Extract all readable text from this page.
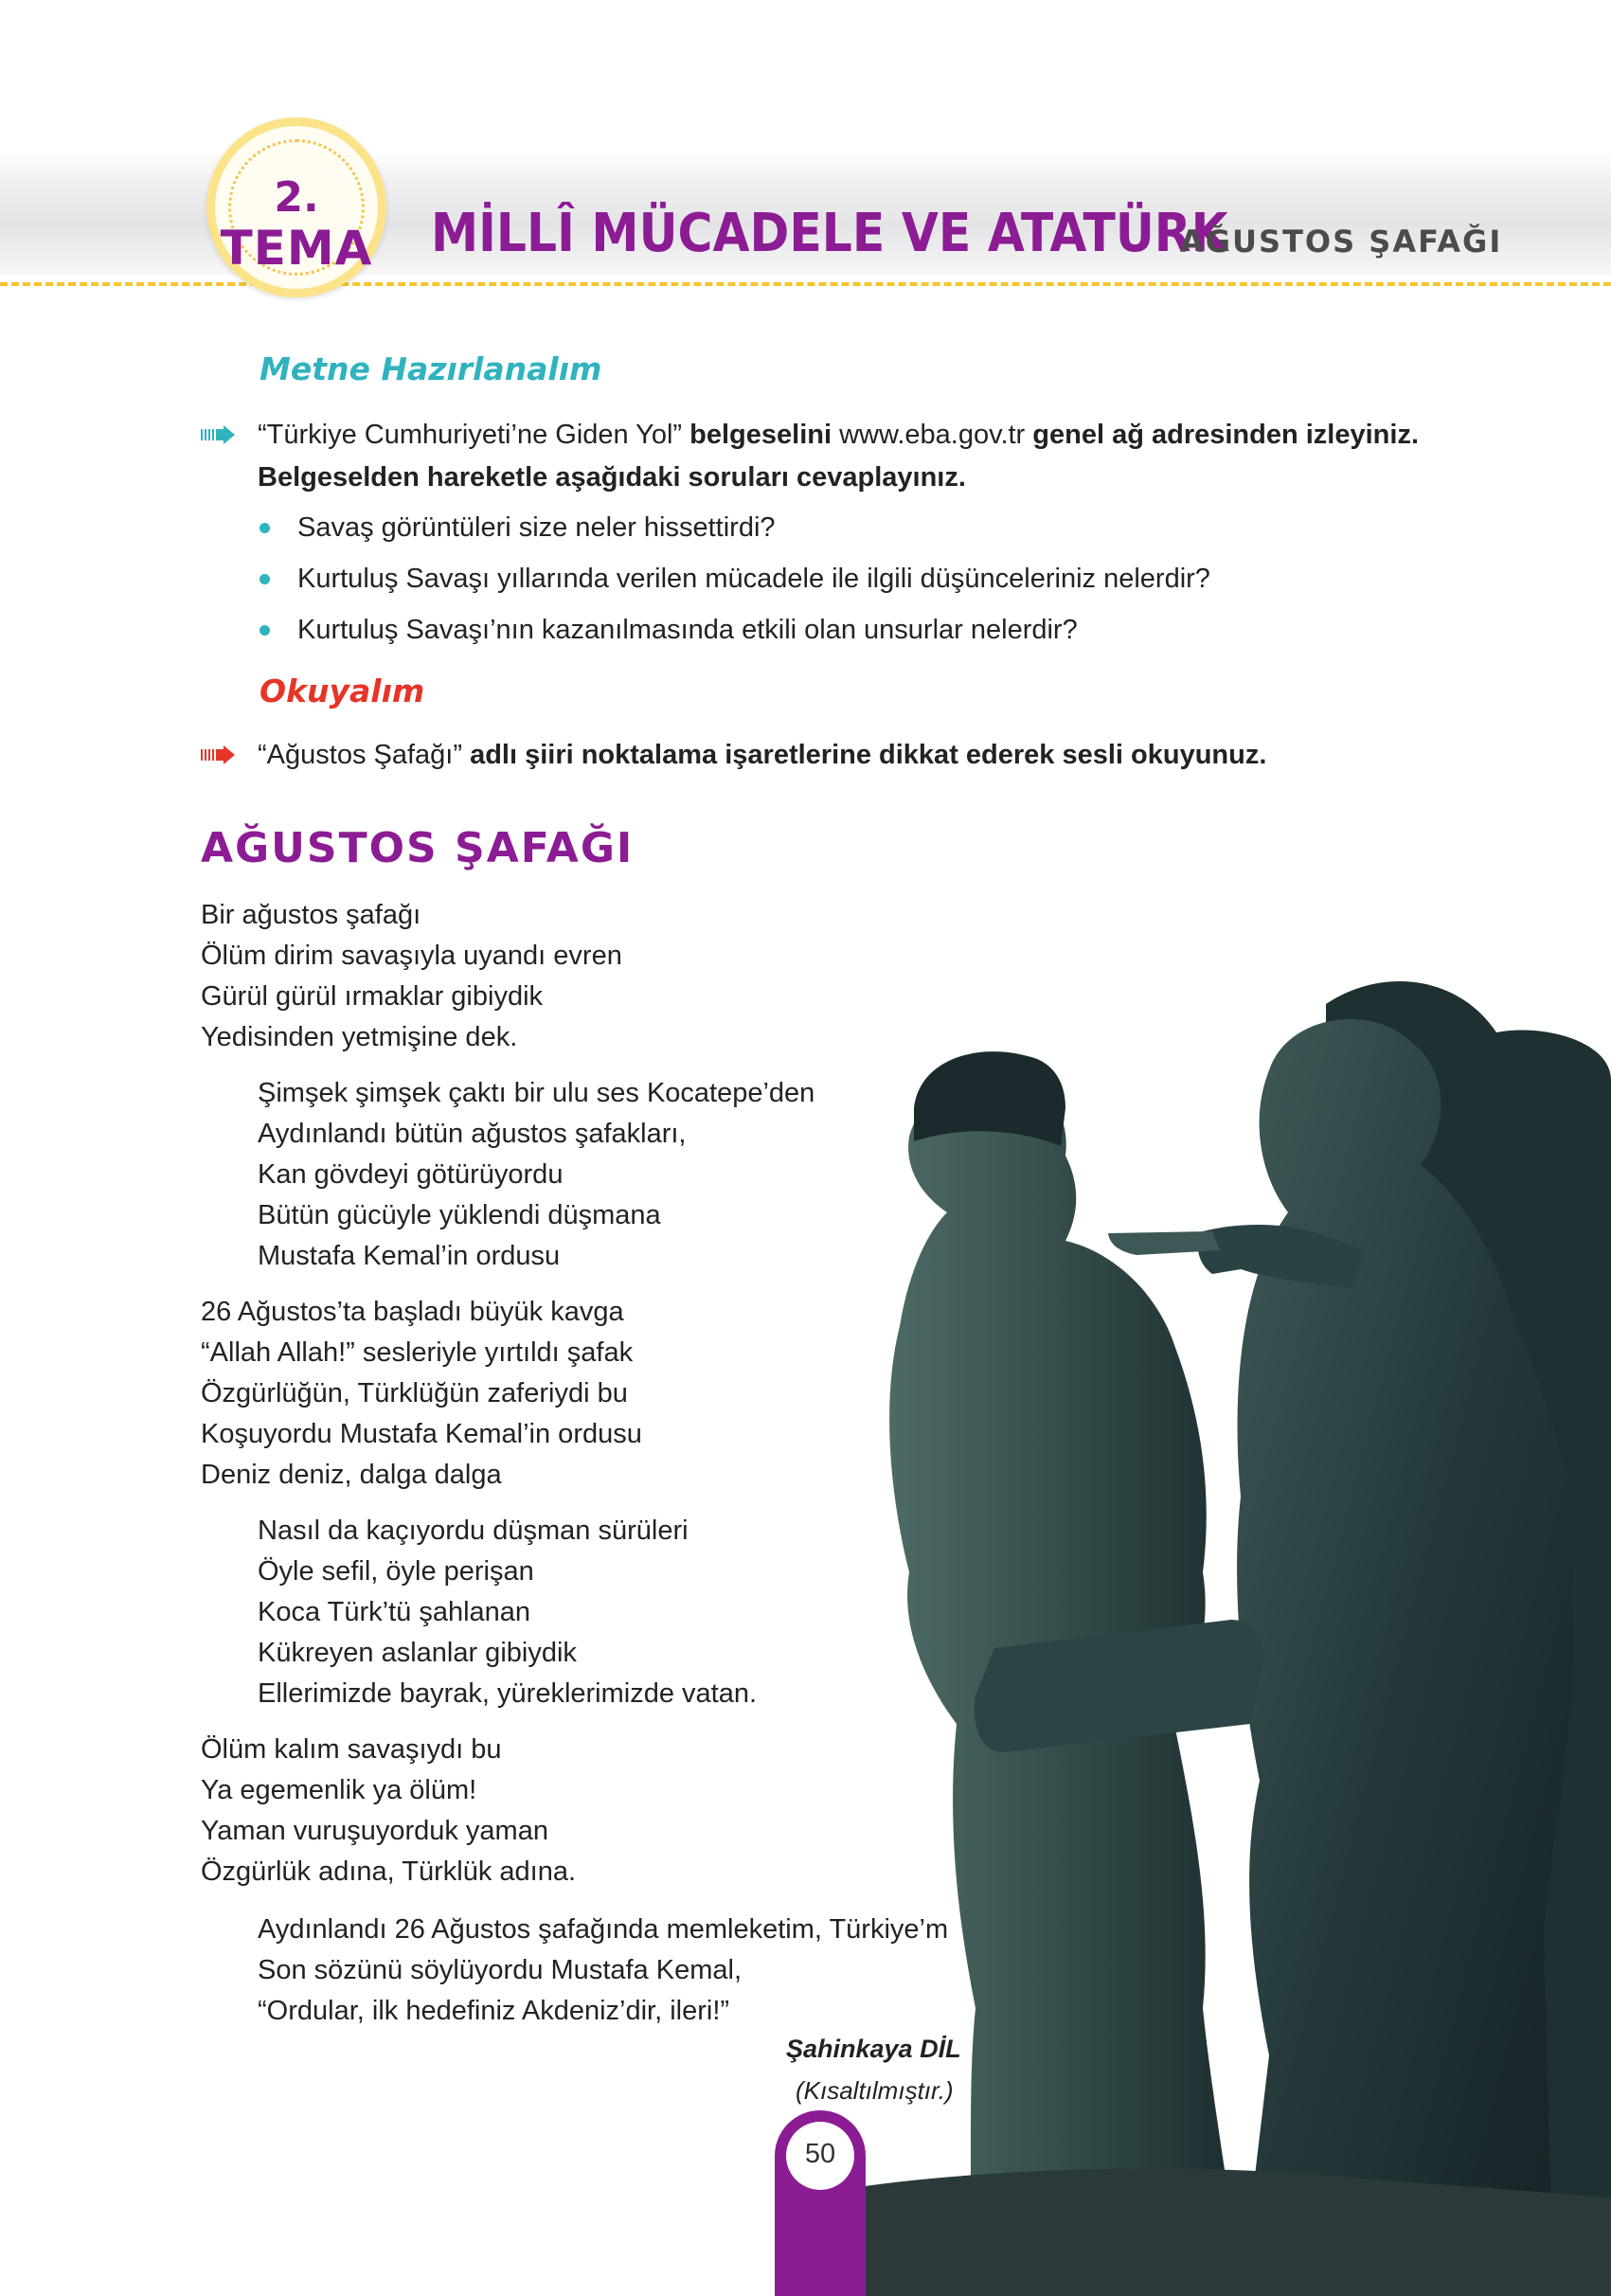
2.
TEMA MİLLÎ MÜCADELE VE ATATÜRK
AĞUSTOS ŞAFAĞI
Metne Hazırlanalım
“Türkiye Cumhuriyeti’ne Giden Yol” belgeselini www.eba.gov.tr genel ağ adresinden izleyiniz.
Belgeselden hareketle aşağıdaki soruları cevaplayınız.
Savaş görüntüleri size neler hissettirdi?
Kurtuluş Savaşı yıllarında verilen mücadele ile ilgili düşünceleriniz nelerdir?
Kurtuluş Savaşı’nın kazanılmasında etkili olan unsurlar nelerdir?
Okuyalım
“Ağustos Şafağı” adlı şiiri noktalama işaretlerine dikkat ederek sesli okuyunuz.
AĞUSTOS ŞAFAĞI
Bir ağustos şafağı
Ölüm dirim savaşıyla uyandı evren
Gürül gürül ırmaklar gibiydik
Yedisinden yetmişine dek.
Şimşek şimşek çaktı bir ulu ses Kocatepe’den
Aydınlandı bütün ağustos şafakları,
Kan gövdeyi götürüyordu
Bütün gücüyle yüklendi düşmana
Mustafa Kemal’in ordusu
26 Ağustos’ta başladı büyük kavga
“Allah Allah!” sesleriyle yırtıldı şafak
Özgürlüğün, Türklüğün zaferiydi bu
Koşuyordu Mustafa Kemal’in ordusu
Deniz deniz, dalga dalga
Nasıl da kaçıyordu düşman sürüleri
Öyle sefil, öyle perişan
Koca Türk’tü şahlanan
Kükreyen aslanlar gibiydik
Ellerimizde bayrak, yüreklerimizde vatan.
Ölüm kalım savaşıydı bu
Ya egemenlik ya ölüm!
Yaman vuruşuyorduk yaman
Özgürlük adına, Türklük adına.
Aydınlandı 26 Ağustos şafağında memleketim, Türkiye’m
Son sözünü söylüyordu Mustafa Kemal,
“Ordular, ilk hedefiniz Akdeniz’dir, ileri!”
Şahinkaya DİL
(Kısaltılmıştır.)
50
